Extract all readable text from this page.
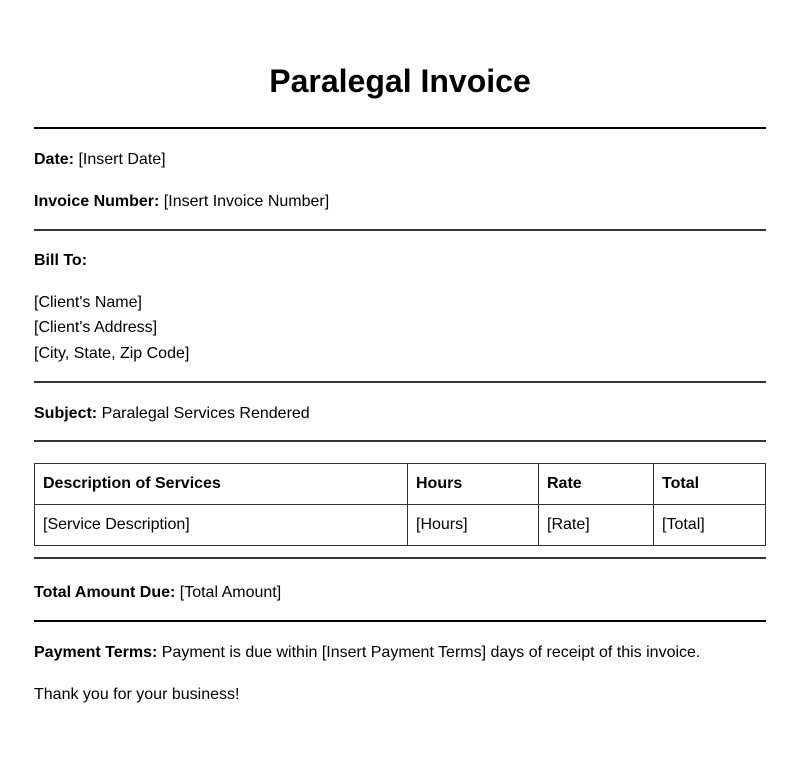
Paralegal Invoice
Date: [Insert Date]
Invoice Number: [Insert Invoice Number]
Bill To:
[Client's Name]
[Client's Address]
[City, State, Zip Code]
Subject: Paralegal Services Rendered
Description of Services	Hours	Rate	Total
[Service Description]	[Hours]	[Rate]	[Total]
Total Amount Due: [Total Amount]
Payment Terms: Payment is due within [Insert Payment Terms] days of receipt of this invoice.
Thank you for your business!
